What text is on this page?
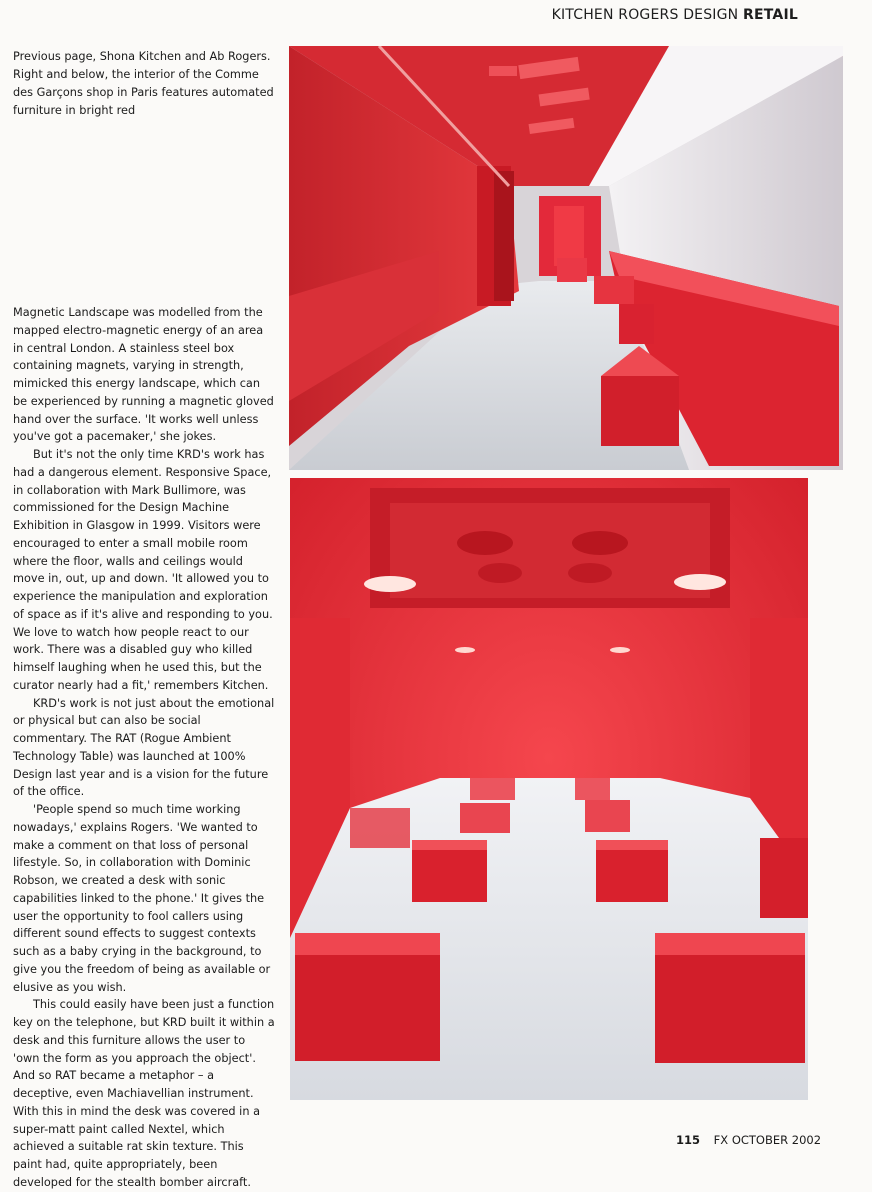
KITCHEN ROGERS DESIGN RETAIL
Previous page, Shona Kitchen and Ab Rogers. Right and below, the interior of the Comme des Garçons shop in Paris features automated furniture in bright red

Magnetic Landscape was modelled from the mapped electro-magnetic energy of an area in central London. A stainless steel box containing magnets, varying in strength, mimicked this energy landscape, which can be experienced by running a magnetic gloved hand over the surface. 'It works well unless you've got a pacemaker,' she jokes.

But it's not the only time KRD's work has had a dangerous element. Responsive Space, in collaboration with Mark Bullimore, was commissioned for the Design Machine Exhibition in Glasgow in 1999. Visitors were encouraged to enter a small mobile room where the floor, walls and ceilings would move in, out, up and down. 'It allowed you to experience the manipulation and exploration of space as if it's alive and responding to you. We love to watch how people react to our work. There was a disabled guy who killed himself laughing when he used this, but the curator nearly had a fit,' remembers Kitchen.

KRD's work is not just about the emotional or physical but can also be social commentary. The RAT (Rogue Ambient Technology Table) was launched at 100% Design last year and is a vision for the future of the office.

'People spend so much time working nowadays,' explains Rogers. 'We wanted to make a comment on that loss of personal lifestyle. So, in collaboration with Dominic Robson, we created a desk with sonic capabilities linked to the phone.' It gives the user the opportunity to fool callers using different sound effects to suggest contexts such as a baby crying in the background, to give you the freedom of being as available or elusive as you wish.

This could easily have been just a function key on the telephone, but KRD built it within a desk and this furniture allows the user to 'own the form as you approach the object'. And so RAT became a metaphor – a deceptive, even Machiavellian instrument. With this in mind the desk was covered in a super-matt paint called Nextel, which achieved a suitable rat skin texture. This paint had, quite appropriately, been developed for the stealth bomber aircraft.

115 FX OCTOBER 2002
